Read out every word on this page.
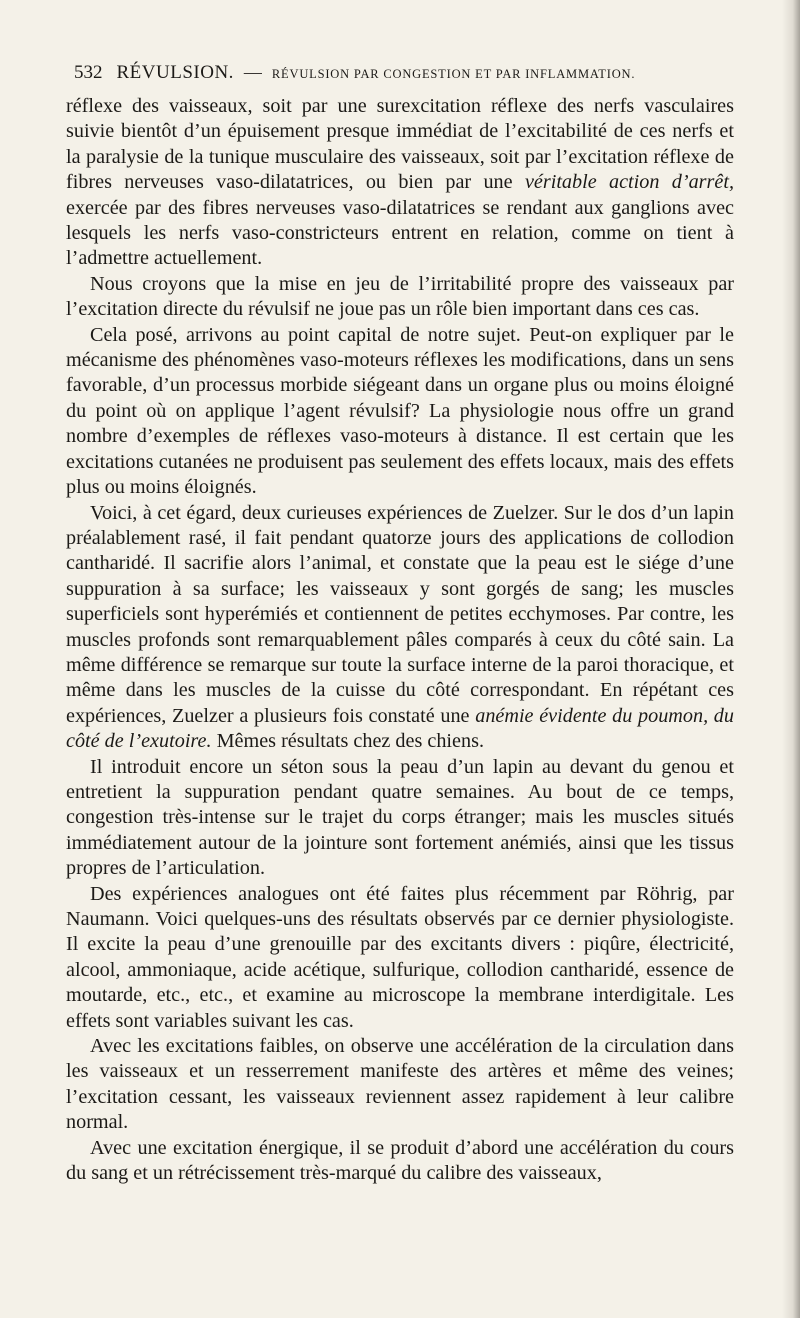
532 RÉVULSION. — RÉVULSION PAR CONGESTION ET PAR INFLAMMATION.

réflexe des vaisseaux, soit par une surexcitation réflexe des nerfs vasculaires suivie bientôt d’un épuisement presque immédiat de l’excitabilité de ces nerfs et la paralysie de la tunique musculaire des vaisseaux, soit par l’excitation réflexe de fibres nerveuses vaso-dilatatrices, ou bien par une véritable action d’arrêt, exercée par des fibres nerveuses vaso-dilatatrices se rendant aux ganglions avec lesquels les nerfs vaso-constricteurs entrent en relation, comme on tient à l’admettre actuellement.

Nous croyons que la mise en jeu de l’irritabilité propre des vaisseaux par l’excitation directe du révulsif ne joue pas un rôle bien important dans ces cas.

Cela posé, arrivons au point capital de notre sujet. Peut-on expliquer par le mécanisme des phénomènes vaso-moteurs réflexes les modifications, dans un sens favorable, d’un processus morbide siégeant dans un organe plus ou moins éloigné du point où on applique l’agent révulsif? La physiologie nous offre un grand nombre d’exemples de réflexes vaso-moteurs à distance. Il est certain que les excitations cutanées ne produisent pas seulement des effets locaux, mais des effets plus ou moins éloignés.

Voici, à cet égard, deux curieuses expériences de Zuelzer. Sur le dos d’un lapin préalablement rasé, il fait pendant quatorze jours des applications de collodion cantharidé. Il sacrifie alors l’animal, et constate que la peau est le siége d’une suppuration à sa surface; les vaisseaux y sont gorgés de sang; les muscles superficiels sont hyperémiés et contiennent de petites ecchymoses. Par contre, les muscles profonds sont remarquablement pâles comparés à ceux du côté sain. La même différence se remarque sur toute la surface interne de la paroi thoracique, et même dans les muscles de la cuisse du côté correspondant. En répétant ces expériences, Zuelzer a plusieurs fois constaté une anémie évidente du poumon, du côté de l’exutoire. Mêmes résultats chez des chiens.

Il introduit encore un séton sous la peau d’un lapin au devant du genou et entretient la suppuration pendant quatre semaines. Au bout de ce temps, congestion très-intense sur le trajet du corps étranger; mais les muscles situés immédiatement autour de la jointure sont fortement anémiés, ainsi que les tissus propres de l’articulation.

Des expériences analogues ont été faites plus récemment par Röhrig, par Naumann. Voici quelques-uns des résultats observés par ce dernier physiologiste. Il excite la peau d’une grenouille par des excitants divers : piqûre, électricité, alcool, ammoniaque, acide acétique, sulfurique, collodion cantharidé, essence de moutarde, etc., etc., et examine au microscope la membrane interdigitale. Les effets sont variables suivant les cas.

Avec les excitations faibles, on observe une accélération de la circulation dans les vaisseaux et un resserrement manifeste des artères et même des veines; l’excitation cessant, les vaisseaux reviennent assez rapidement à leur calibre normal.

Avec une excitation énergique, il se produit d’abord une accélération du cours du sang et un rétrécissement très-marqué du calibre des vaisseaux,
